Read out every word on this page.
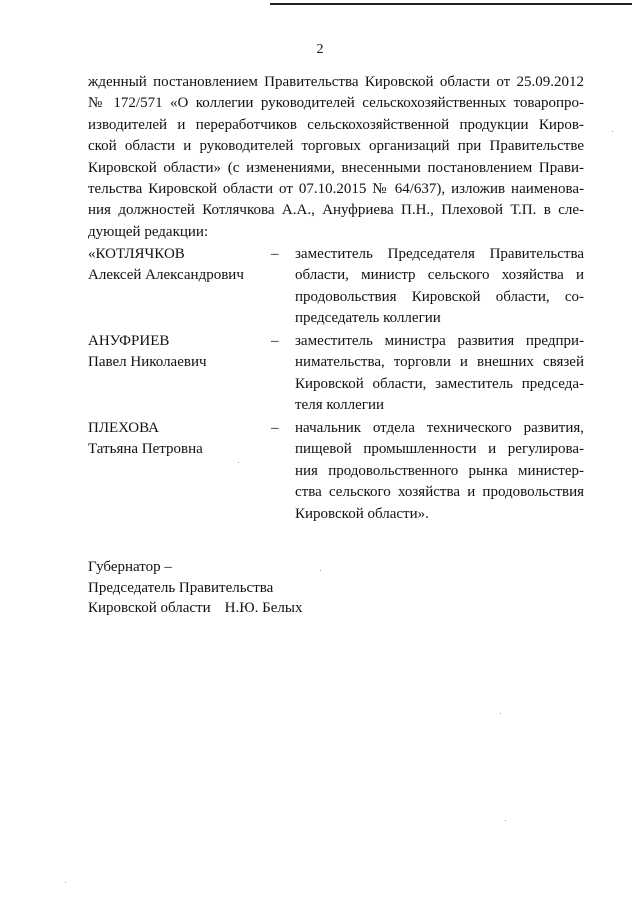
2
жденный постановлением Правительства Кировской области от 25.09.2012
№ 172/571 «О коллегии руководителей сельскохозяйственных товаропро-
изводителей и переработчиков сельскохозяйственной продукции Киров-
ской области и руководителей торговых организаций при Правительстве
Кировской области» (с изменениями, внесенными постановлением Прави-
тельства Кировской области от 07.10.2015 № 64/637), изложив наименова-
ния должностей Котлячкова А.А., Ануфриева П.Н., Плеховой Т.П. в сле-
дующей редакции:
«КОТЛЯЧКОВ
Алексей Александрович
– заместитель Председателя Правительства
области, министр сельского хозяйства и
продовольствия Кировской области, со-
председатель коллегии
АНУФРИЕВ
Павел Николаевич
– заместитель министра развития предпри-
нимательства, торговли и внешних связей
Кировской области, заместитель председа-
теля коллегии
ПЛЕХОВА
Татьяна Петровна
– начальник отдела технического развития,
пищевой промышленности и регулирова-
ния продовольственного рынка министер-
ства сельского хозяйства и продовольствия
Кировской области».
Губернатор –
Председатель Правительства
Кировской области Н.Ю. Белых
